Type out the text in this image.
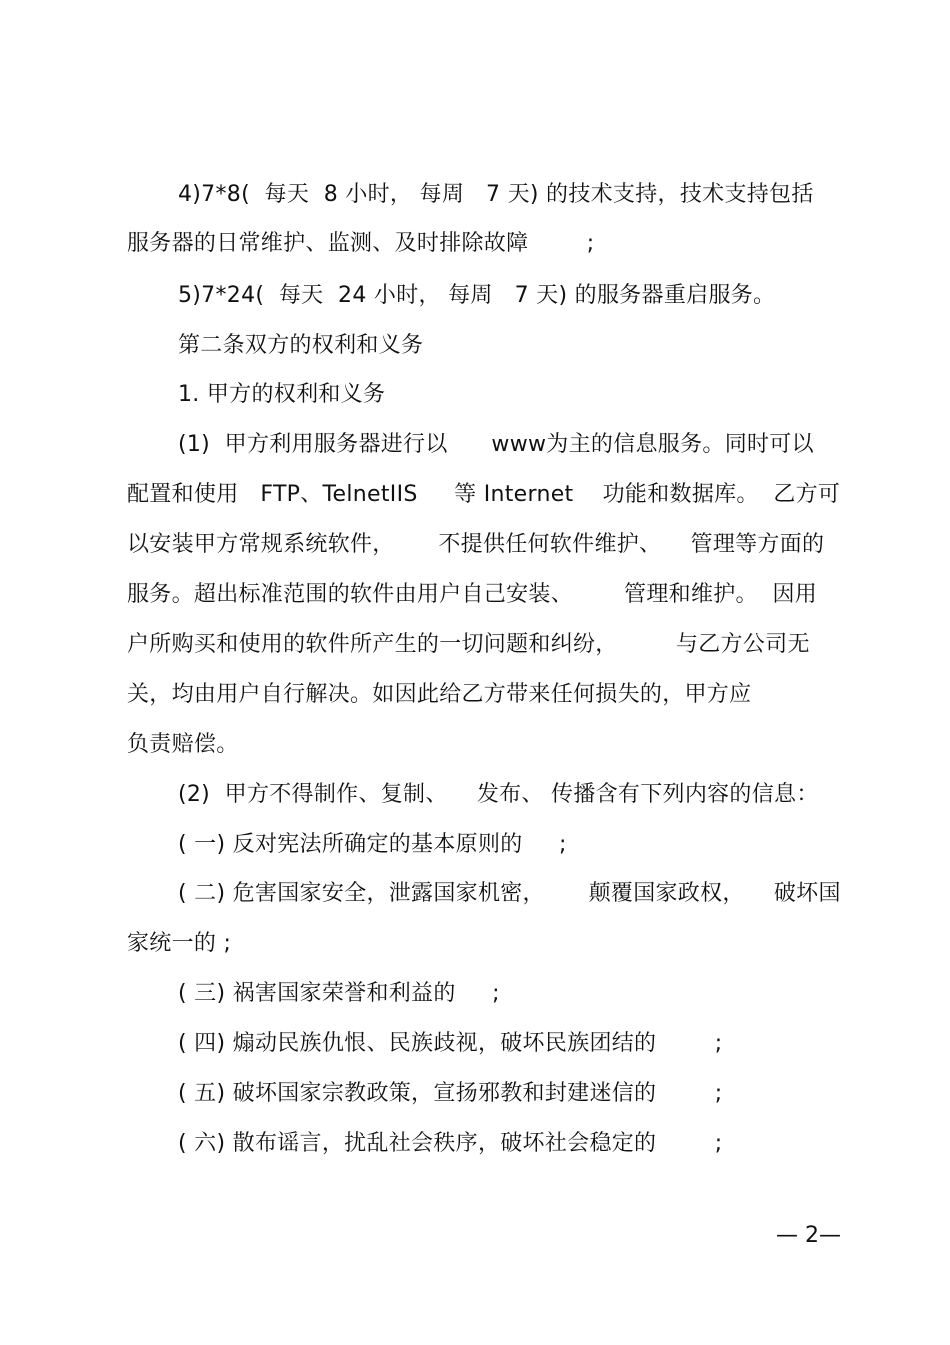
4)7*8(  每天  8 小时， 每周   7 天) 的技术支持，技术支持包括
服务器的日常维护、监测、及时排除故障        ;
5)7*24(  每天  24 小时， 每周   7 天) 的服务器重启服务。
第二条双方的权利和义务
1. 甲方的权利和义务
(1)  甲方利用服务器进行以      www为主的信息服务。同时可以
配置和使用   FTP、TelnetIIS     等 Internet    功能和数据库。  乙方可
以安装甲方常规系统软件，      不提供任何软件维护、    管理等方面的
服务。超出标准范围的软件由用户自己安装、       管理和维护。  因用
户所购买和使用的软件所产生的一切问题和纠纷，        与乙方公司无
关，均由用户自行解决。如因此给乙方带来任何损失的，甲方应
负责赔偿。
(2)  甲方不得制作、复制、    发布、 传播含有下列内容的信息：
( 一) 反对宪法所确定的基本原则的     ;
( 二) 危害国家安全，泄露国家机密，      颠覆国家政权，    破坏国
家统一的 ;
( 三) 祸害国家荣誉和利益的     ;
( 四) 煽动民族仇恨、民族歧视，破坏民族团结的        ;
( 五) 破坏国家宗教政策，宣扬邪教和封建迷信的        ;
( 六) 散布谣言，扰乱社会秩序，破坏社会稳定的        ;
— 2—
